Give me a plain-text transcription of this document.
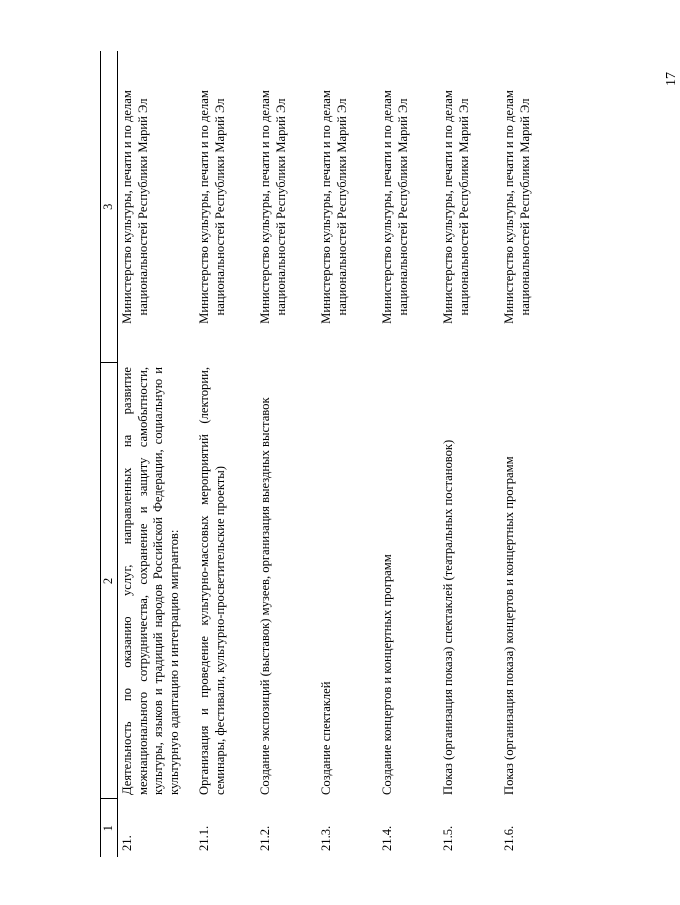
17
1	2	3
21.	Деятельность по оказанию услуг, направленных на развитие межнационального сотрудничества, сохранение и защиту самобытности, культуры, языков и традиций народов Российской Федерации, социальную и культурную адаптацию и интеграцию мигрантов:	Министерство культуры, печати и по делам национальностей Республики Марий Эл
21.1.	Организация и проведение культурно-массовых мероприятий (лектории, семинары, фестивали, культурно-просветительские проекты)	Министерство культуры, печати и по делам национальностей Республики Марий Эл
21.2.	Создание экспозиций (выставок) музеев, организация выездных выставок	Министерство культуры, печати и по делам национальностей Республики Марий Эл
21.3.	Создание спектаклей	Министерство культуры, печати и по делам национальностей Республики Марий Эл
21.4.	Создание концертов и концертных программ	Министерство культуры, печати и по делам национальностей Республики Марий Эл
21.5.	Показ (организация показа) спектаклей (театральных постановок)	Министерство культуры, печати и по делам национальностей Республики Марий Эл
21.6.	Показ (организация показа) концертов и концертных программ	Министерство культуры, печати и по делам национальностей Республики Марий Эл
